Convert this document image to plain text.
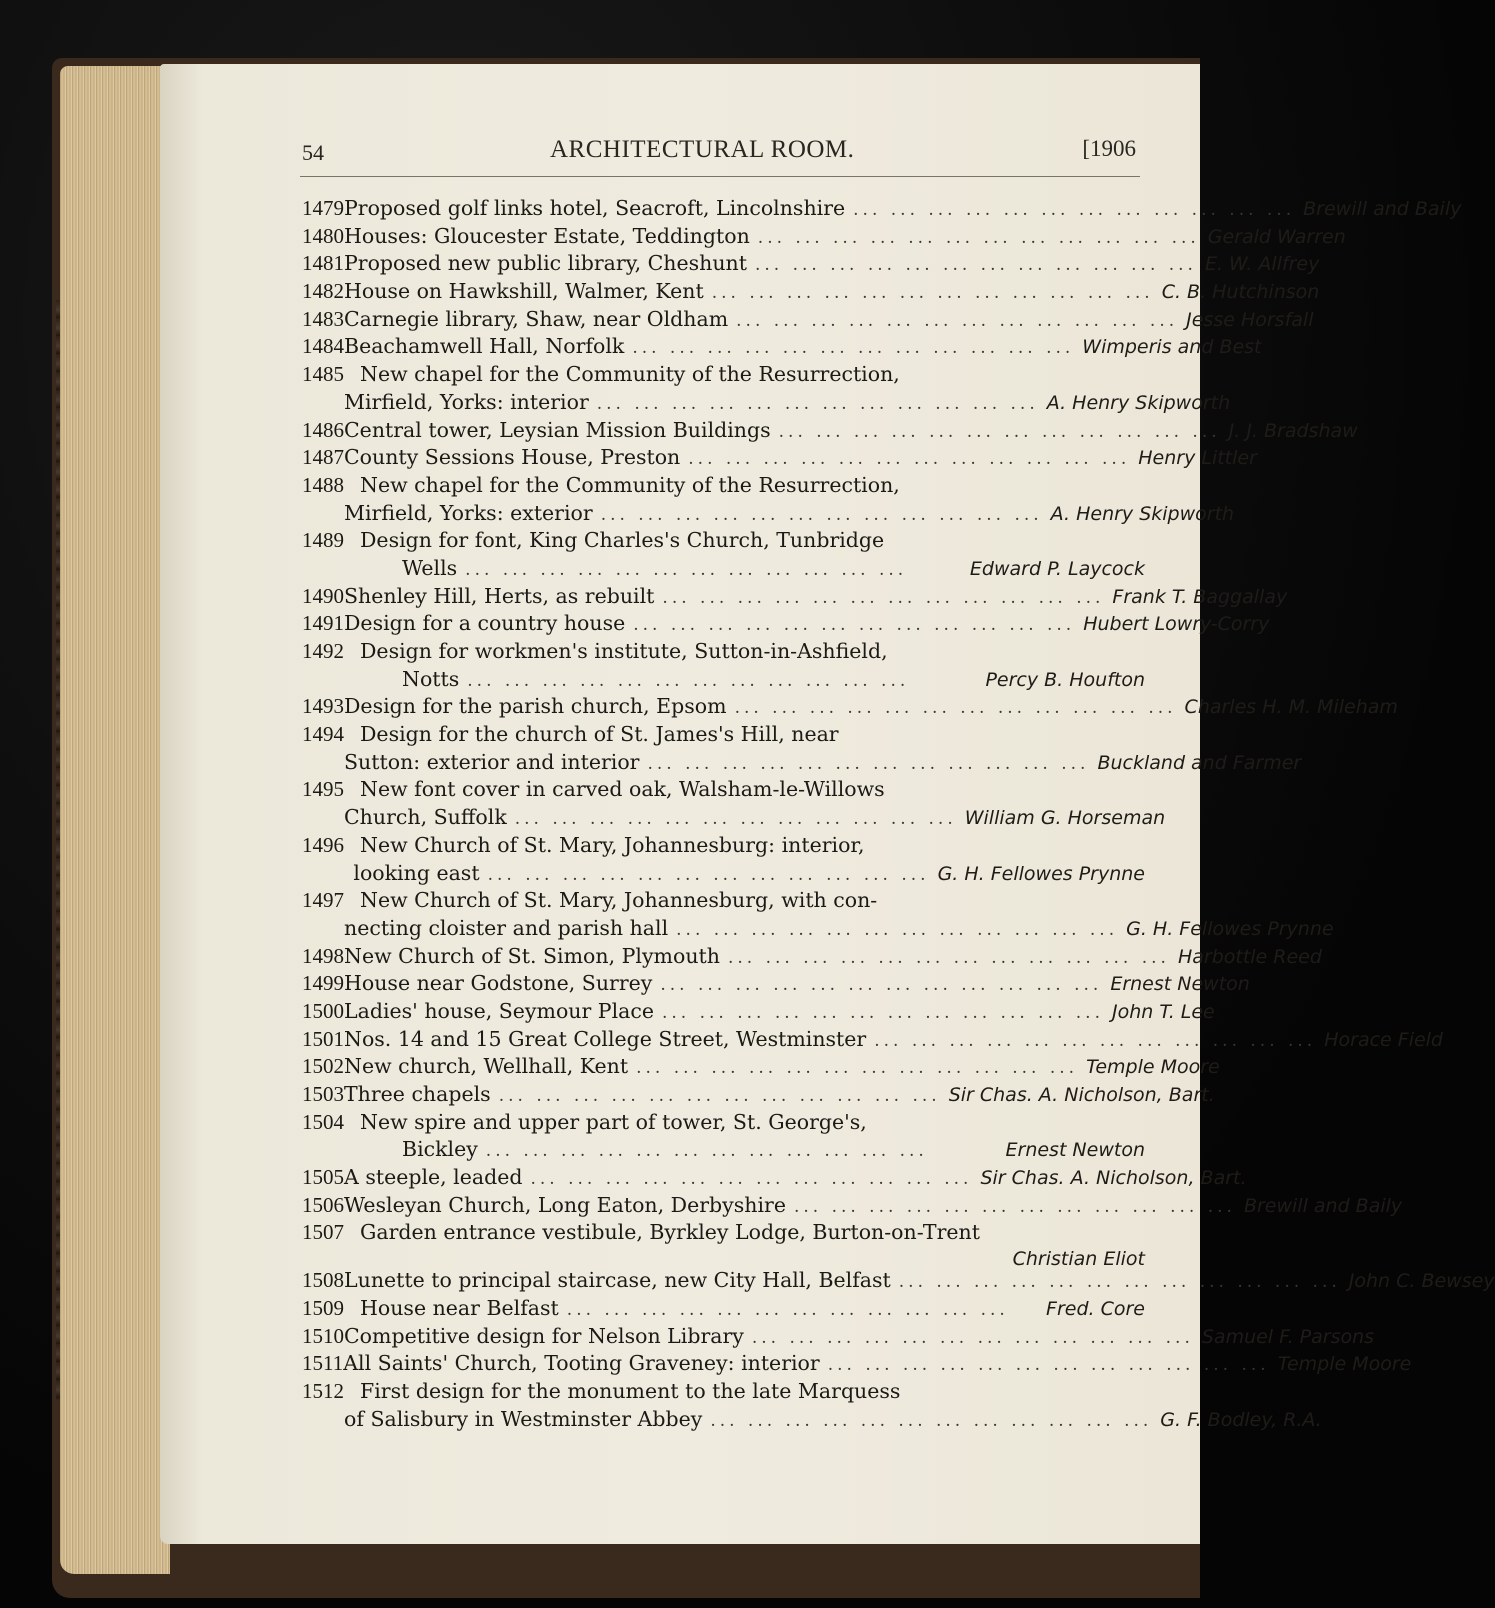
54	ARCHITECTURAL ROOM.	[1906
1479 Proposed golf links hotel, Seacroft, Lincolnshire ... ... ... ... ... ... ... ... ... ... ... ... Brewill and Baily
1480 Houses: Gloucester Estate, Teddington ... ... ... ... ... ... ... ... ... ... ... ... Gerald Warren
1481 Proposed new public library, Cheshunt ... ... ... ... ... ... ... ... ... ... ... ... E. W. Allfrey
1482 House on Hawkshill, Walmer, Kent ... ... ... ... ... ... ... ... ... ... ... ... C. B. Hutchinson
1483 Carnegie library, Shaw, near Oldham ... ... ... ... ... ... ... ... ... ... ... ... Jesse Horsfall
1484 Beachamwell Hall, Norfolk ... ... ... ... ... ... ... ... ... ... ... ... Wimperis and Best
1485 New chapel for the Community of the Resurrection,
Mirfield, Yorks: interior ... ... ... ... ... ... ... ... ... ... ... ... A. Henry Skipworth
1486 Central tower, Leysian Mission Buildings ... ... ... ... ... ... ... ... ... ... ... ... J. J. Bradshaw
1487 County Sessions House, Preston ... ... ... ... ... ... ... ... ... ... ... ... Henry Littler
1488 New chapel for the Community of the Resurrection,
Mirfield, Yorks: exterior ... ... ... ... ... ... ... ... ... ... ... ... A. Henry Skipworth
1489 Design for font, King Charles's Church, Tunbridge
Wells ... ... ... ... ... ... ... ... ... ... ... ...	Edward P. Laycock
1490 Shenley Hill, Herts, as rebuilt ... ... ... ... ... ... ... ... ... ... ... ... Frank T. Baggallay
1491 Design for a country house ... ... ... ... ... ... ... ... ... ... ... ... Hubert Lowry-Corry
1492 Design for workmen's institute, Sutton-in-Ashfield,
Notts ... ... ... ... ... ... ... ... ... ... ... ...	Percy B. Houfton
1493 Design for the parish church, Epsom ... ... ... ... ... ... ... ... ... ... ... ... Charles H. M. Mileham
1494 Design for the church of St. James's Hill, near
Sutton: exterior and interior ... ... ... ... ... ... ... ... ... ... ... ... Buckland and Farmer
1495 New font cover in carved oak, Walsham-le-Willows
Church, Suffolk ... ... ... ... ... ... ... ... ... ... ... ... William G. Horseman
1496 New Church of St. Mary, Johannesburg: interior,
looking east ... ... ... ... ... ... ... ... ... ... ... ... G. H. Fellowes Prynne
1497 New Church of St. Mary, Johannesburg, with con-
necting cloister and parish hall ... ... ... ... ... ... ... ... ... ... ... ... G. H. Fellowes Prynne
1498 New Church of St. Simon, Plymouth ... ... ... ... ... ... ... ... ... ... ... ... Harbottle Reed
1499 House near Godstone, Surrey ... ... ... ... ... ... ... ... ... ... ... ... Ernest Newton
1500 Ladies' house, Seymour Place ... ... ... ... ... ... ... ... ... ... ... ... John T. Lee
1501 Nos. 14 and 15 Great College Street, Westminster ... ... ... ... ... ... ... ... ... ... ... ... Horace Field
1502 New church, Wellhall, Kent ... ... ... ... ... ... ... ... ... ... ... ... Temple Moore
1503 Three chapels ... ... ... ... ... ... ... ... ... ... ... ... Sir Chas. A. Nicholson, Bart.
1504 New spire and upper part of tower, St. George's,
Bickley ... ... ... ... ... ... ... ... ... ... ... ...	Ernest Newton
1505 A steeple, leaded ... ... ... ... ... ... ... ... ... ... ... ... Sir Chas. A. Nicholson, Bart.
1506 Wesleyan Church, Long Eaton, Derbyshire ... ... ... ... ... ... ... ... ... ... ... ... Brewill and Baily
1507 Garden entrance vestibule, Byrkley Lodge, Burton-on-Trent
Christian Eliot
1508 Lunette to principal staircase, new City Hall, Belfast ... ... ... ... ... ... ... ... ... ... ... ... John C. Bewsey
1509 House near Belfast ... ... ... ... ... ... ... ... ... ... ... ...	Fred. Core
1510 Competitive design for Nelson Library ... ... ... ... ... ... ... ... ... ... ... ... Samuel F. Parsons
1511 All Saints' Church, Tooting Graveney: interior ... ... ... ... ... ... ... ... ... ... ... ... Temple Moore
1512 First design for the monument to the late Marquess
of Salisbury in Westminster Abbey ... ... ... ... ... ... ... ... ... ... ... ... G. F. Bodley, R.A.
